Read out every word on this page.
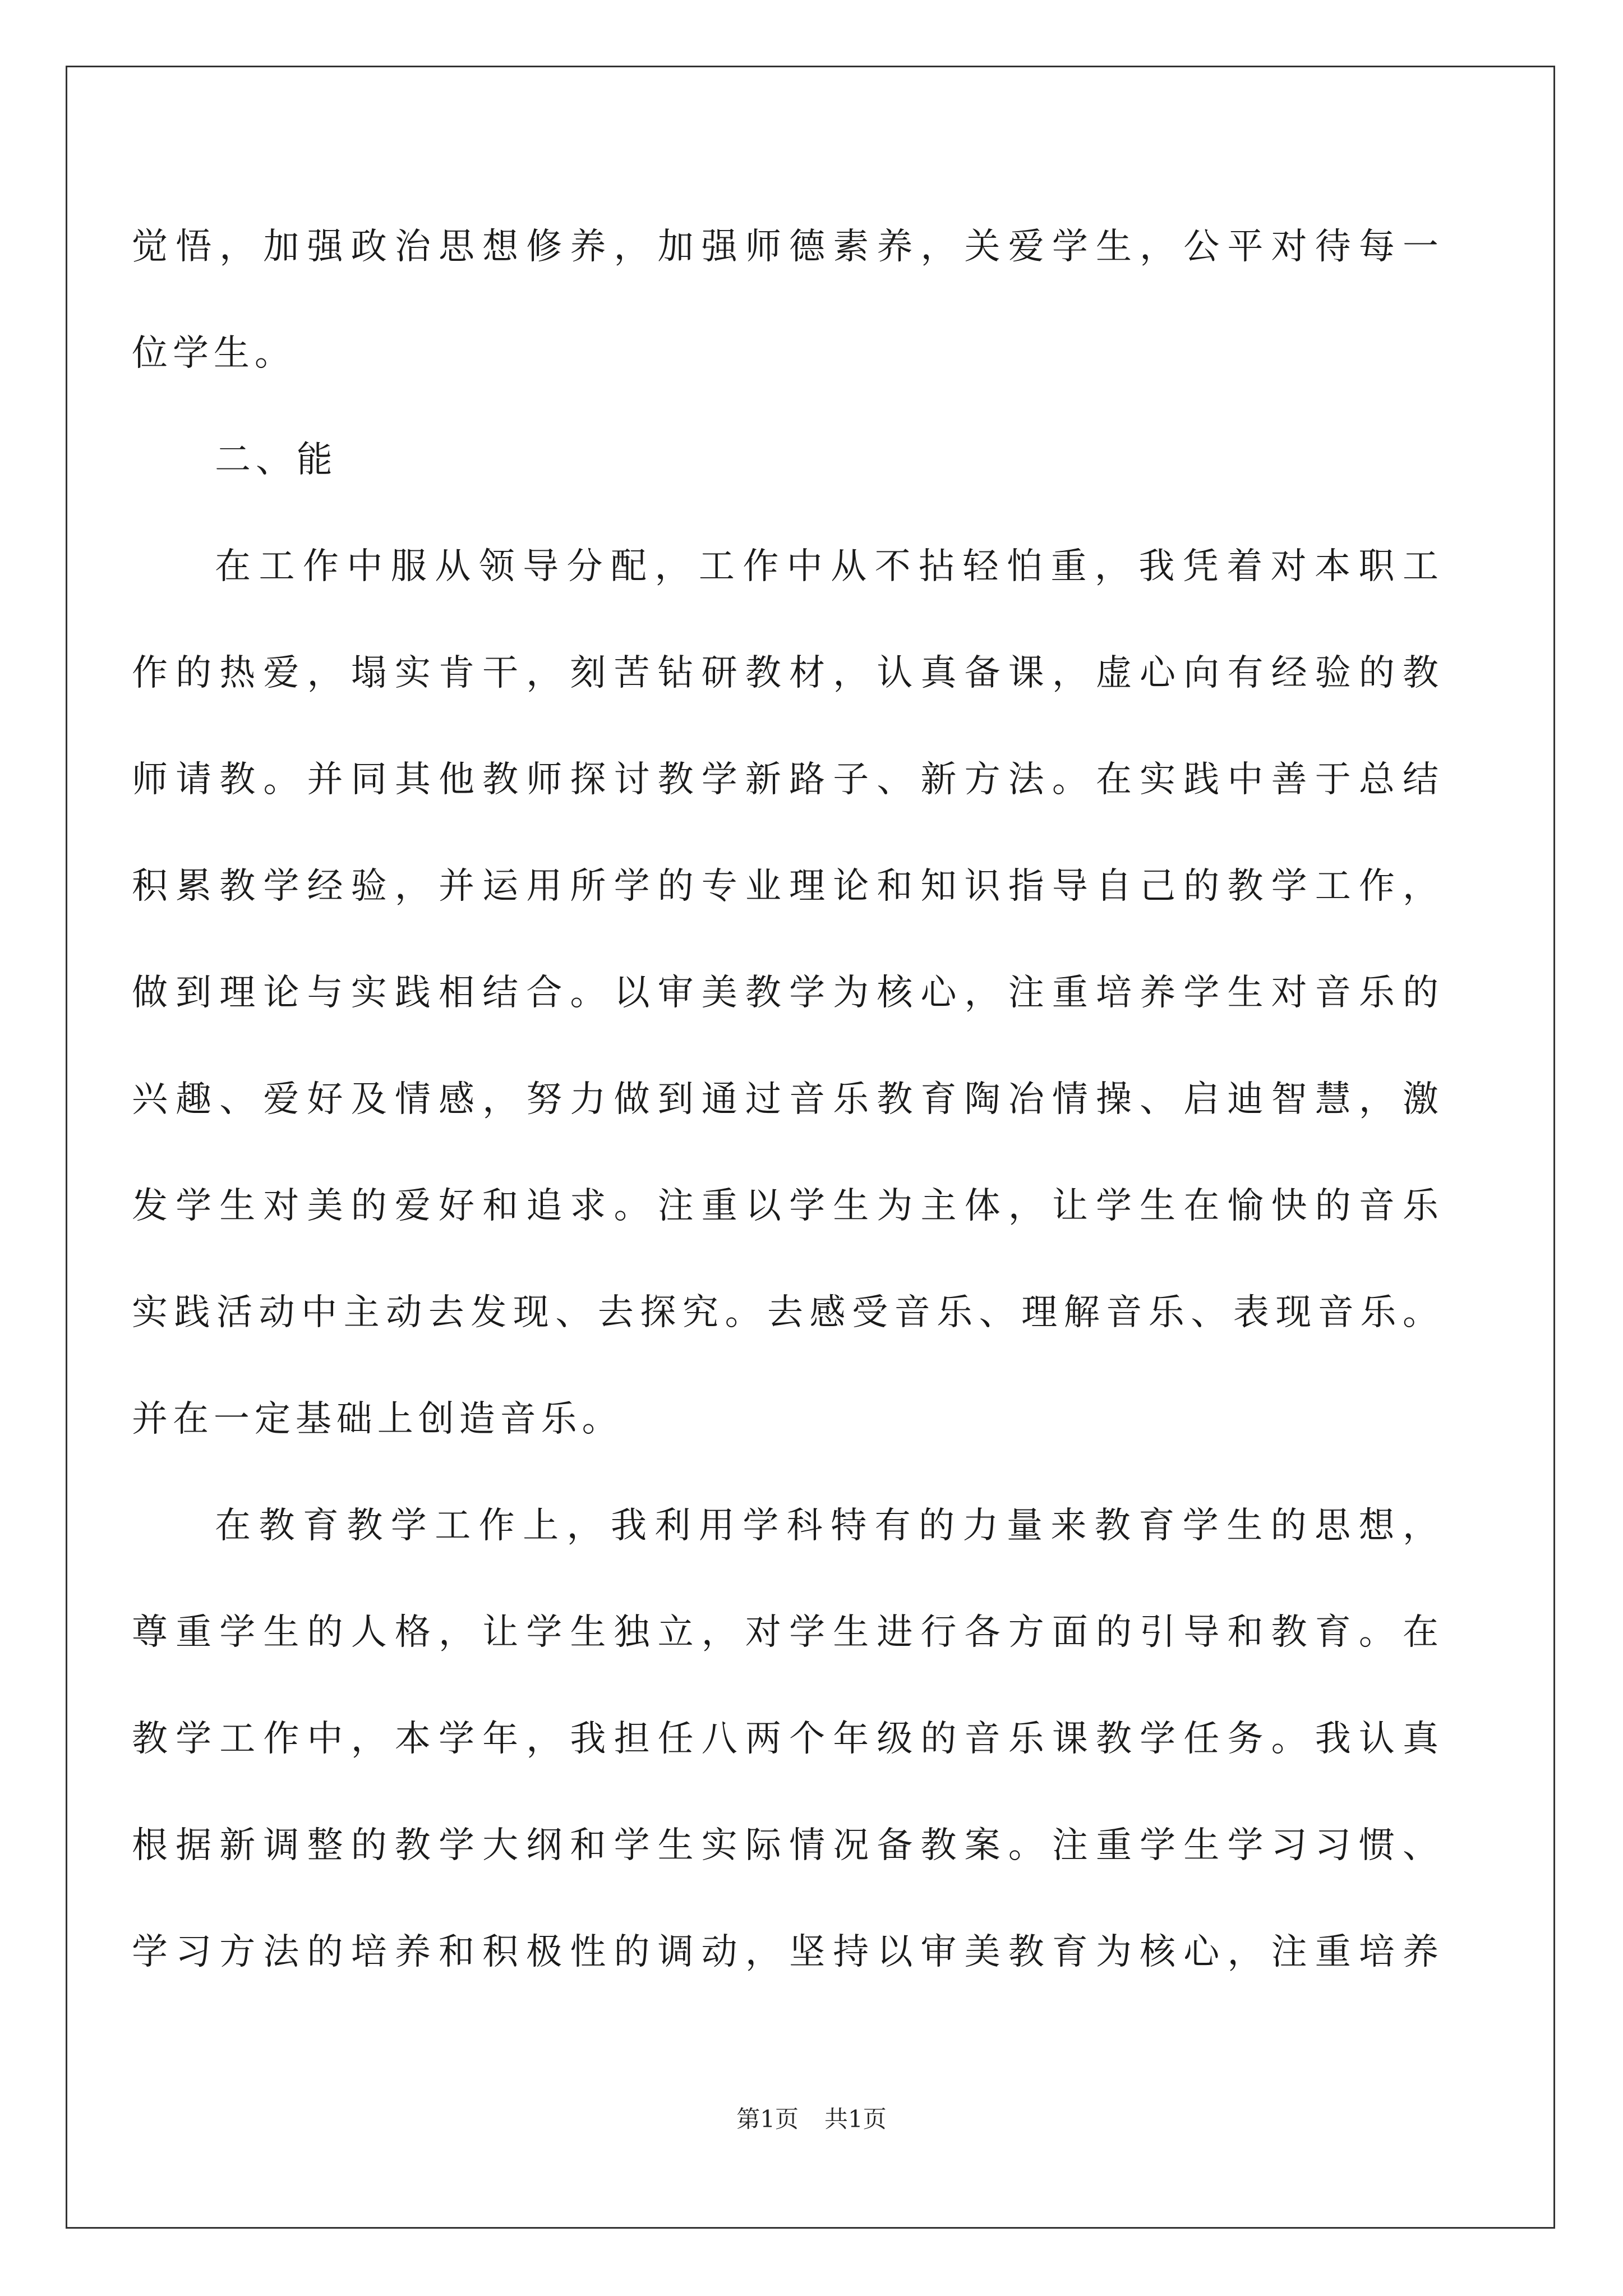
觉悟，加强政治思想修养，加强师德素养，关爱学生，公平对待每一
位学生。
二、能
在工作中服从领导分配，工作中从不拈轻怕重，我凭着对本职工
作的热爱，塌实肯干，刻苦钻研教材，认真备课，虚心向有经验的教
师请教。并同其他教师探讨教学新路子、新方法。在实践中善于总结
积累教学经验，并运用所学的专业理论和知识指导自己的教学工作，
做到理论与实践相结合。以审美教学为核心，注重培养学生对音乐的
兴趣、爱好及情感，努力做到通过音乐教育陶冶情操、启迪智慧，激
发学生对美的爱好和追求。注重以学生为主体，让学生在愉快的音乐
实践活动中主动去发现、去探究。去感受音乐、理解音乐、表现音乐。
并在一定基础上创造音乐。
在教育教学工作上，我利用学科特有的力量来教育学生的思想，
尊重学生的人格，让学生独立，对学生进行各方面的引导和教育。在
教学工作中，本学年，我担任八两个年级的音乐课教学任务。我认真
根据新调整的教学大纲和学生实际情况备教案。注重学生学习习惯、
学习方法的培养和积极性的调动，坚持以审美教育为核心，注重培养
第1页 共1页
